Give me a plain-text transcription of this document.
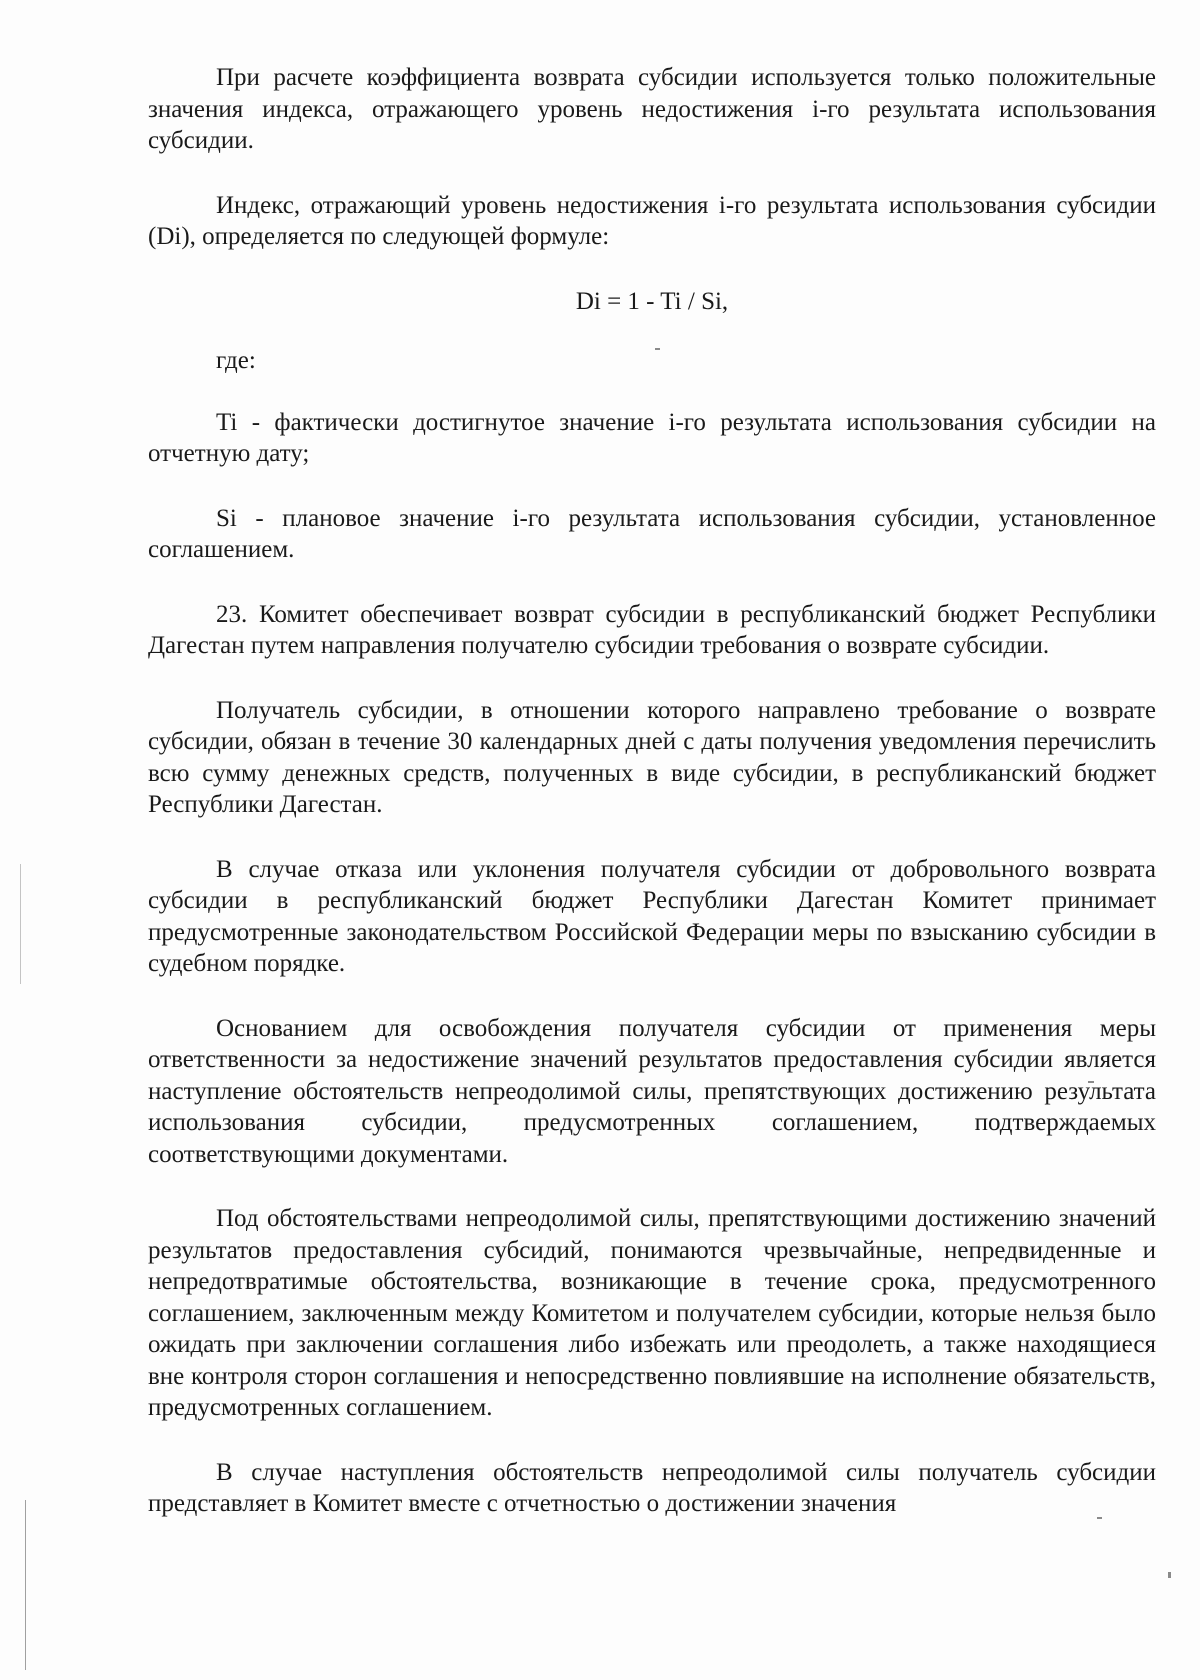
При расчете коэффициента возврата субсидии используется только положительные значения индекса, отражающего уровень недостижения i-го результата использования субсидии.

Индекс, отражающий уровень недостижения i-го результата использования субсидии (Di), определяется по следующей формуле:

Di = 1 - Ti / Si,

где:

Ti - фактически достигнутое значение i-го результата использования субсидии на отчетную дату;

Si - плановое значение i-го результата использования субсидии, установленное соглашением.

23. Комитет обеспечивает возврат субсидии в республиканский бюджет Республики Дагестан путем направления получателю субсидии требования о возврате субсидии.

Получатель субсидии, в отношении которого направлено требование о возврате субсидии, обязан в течение 30 календарных дней с даты получения уведомления перечислить всю сумму денежных средств, полученных в виде субсидии, в республиканский бюджет Республики Дагестан.

В случае отказа или уклонения получателя субсидии от добровольного возврата субсидии в республиканский бюджет Республики Дагестан Комитет принимает предусмотренные законодательством Российской Федерации меры по взысканию субсидии в судебном порядке.

Основанием для освобождения получателя субсидии от применения меры ответственности за недостижение значений результатов предоставления субсидии является наступление обстоятельств непреодолимой силы, препятствующих достижению результата использования субсидии, предусмотренных соглашением, подтверждаемых соответствующими документами.

Под обстоятельствами непреодолимой силы, препятствующими достижению значений результатов предоставления субсидий, понимаются чрезвычайные, непредвиденные и непредотвратимые обстоятельства, возникающие в течение срока, предусмотренного соглашением, заключенным между Комитетом и получателем субсидии, которые нельзя было ожидать при заключении соглашения либо избежать или преодолеть, а также находящиеся вне контроля сторон соглашения и непосредственно повлиявшие на исполнение обязательств, предусмотренных соглашением.

В случае наступления обстоятельств непреодолимой силы получатель субсидии представляет в Комитет вместе с отчетностью о достижении значения
